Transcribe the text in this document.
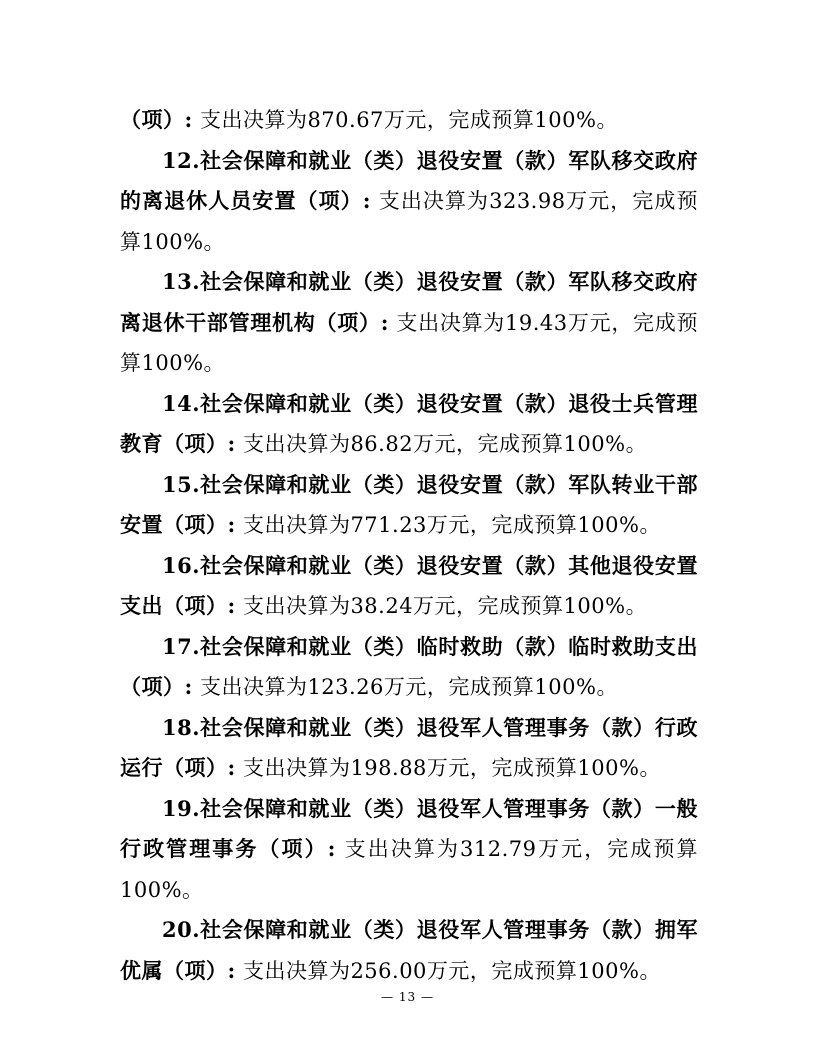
（项）: 支出决算为870.67万元，完成预算100%。

12.社会保障和就业（类）退役安置（款）军队移交政府的离退休人员安置（项）: 支出决算为323.98万元，完成预算100%。

13.社会保障和就业（类）退役安置（款）军队移交政府离退休干部管理机构（项）: 支出决算为19.43万元，完成预算100%。

14.社会保障和就业（类）退役安置（款）退役士兵管理教育（项）: 支出决算为86.82万元，完成预算100%。

15.社会保障和就业（类）退役安置（款）军队转业干部安置（项）: 支出决算为771.23万元，完成预算100%。

16.社会保障和就业（类）退役安置（款）其他退役安置支出（项）: 支出决算为38.24万元，完成预算100%。

17.社会保障和就业（类）临时救助（款）临时救助支出（项）: 支出决算为123.26万元，完成预算100%。

18.社会保障和就业（类）退役军人管理事务（款）行政运行（项）: 支出决算为198.88万元，完成预算100%。

19.社会保障和就业（类）退役军人管理事务（款）一般行政管理事务（项）: 支出决算为312.79万元，完成预算100%。

20.社会保障和就业（类）退役军人管理事务（款）拥军优属（项）: 支出决算为256.00万元，完成预算100%。

— 13 —
